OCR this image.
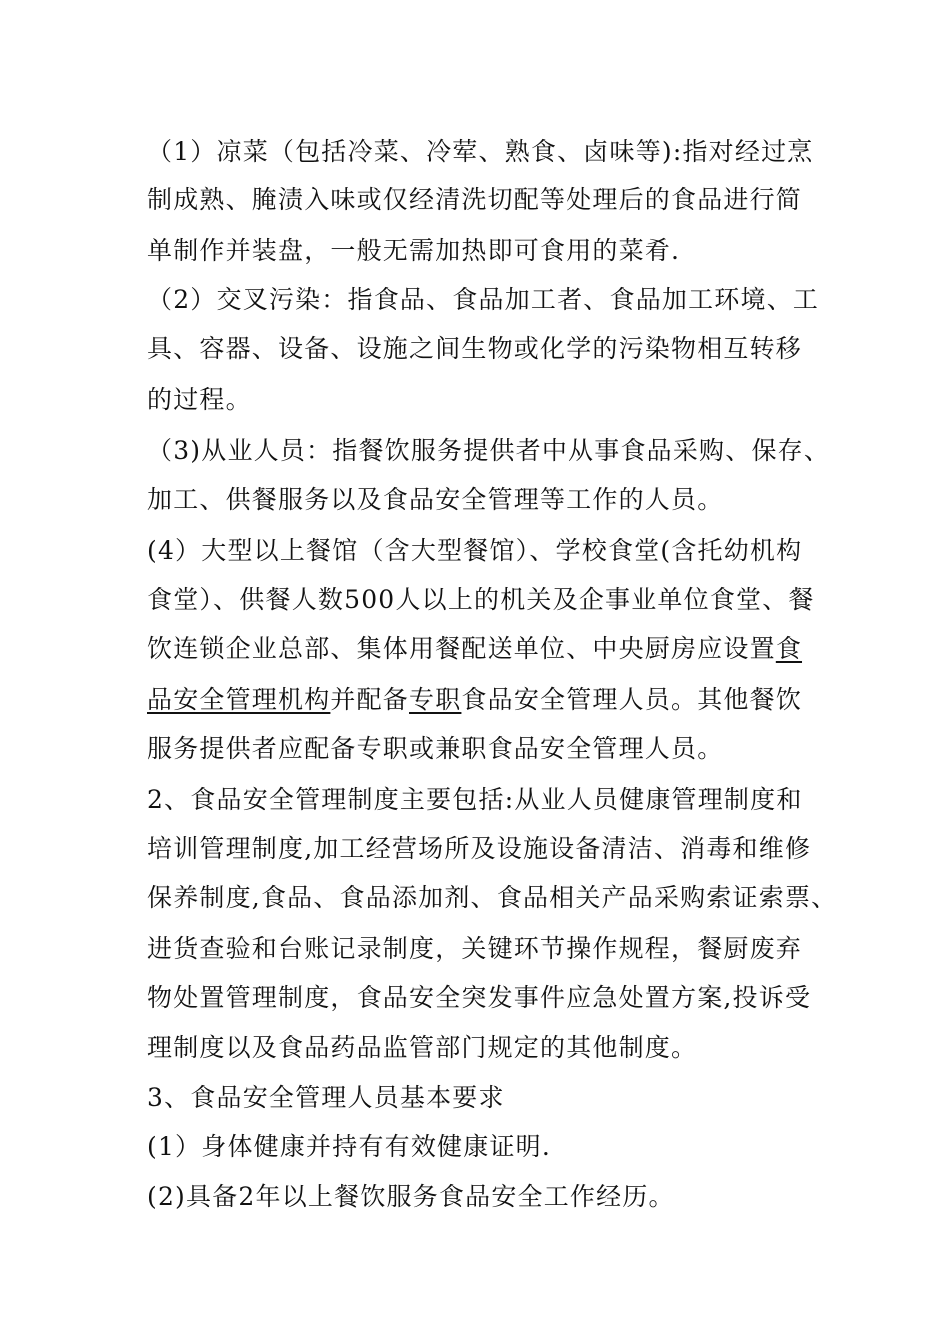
（1）凉菜（包括冷菜、冷荤、熟食、卤味等):指对经过烹
制成熟、腌渍入味或仅经清洗切配等处理后的食品进行简
单制作并装盘，一般无需加热即可食用的菜肴.
（2）交叉污染：指食品、食品加工者、食品加工环境、工
具、容器、设备、设施之间生物或化学的污染物相互转移
的过程。
（3)从业人员：指餐饮服务提供者中从事食品采购、保存、
加工、供餐服务以及食品安全管理等工作的人员。
(4）大型以上餐馆（含大型餐馆）、学校食堂(含托幼机构
食堂）、供餐人数500人以上的机关及企事业单位食堂、餐
饮连锁企业总部、集体用餐配送单位、中央厨房应设置食
品安全管理机构并配备专职食品安全管理人员。其他餐饮
服务提供者应配备专职或兼职食品安全管理人员。
2、食品安全管理制度主要包括:从业人员健康管理制度和
培训管理制度,加工经营场所及设施设备清洁、消毒和维修
保养制度,食品、食品添加剂、食品相关产品采购索证索票、
进货查验和台账记录制度，关键环节操作规程，餐厨废弃
物处置管理制度，食品安全突发事件应急处置方案,投诉受
理制度以及食品药品监管部门规定的其他制度。
3、食品安全管理人员基本要求
(1）身体健康并持有有效健康证明.
(2)具备2年以上餐饮服务食品安全工作经历。
